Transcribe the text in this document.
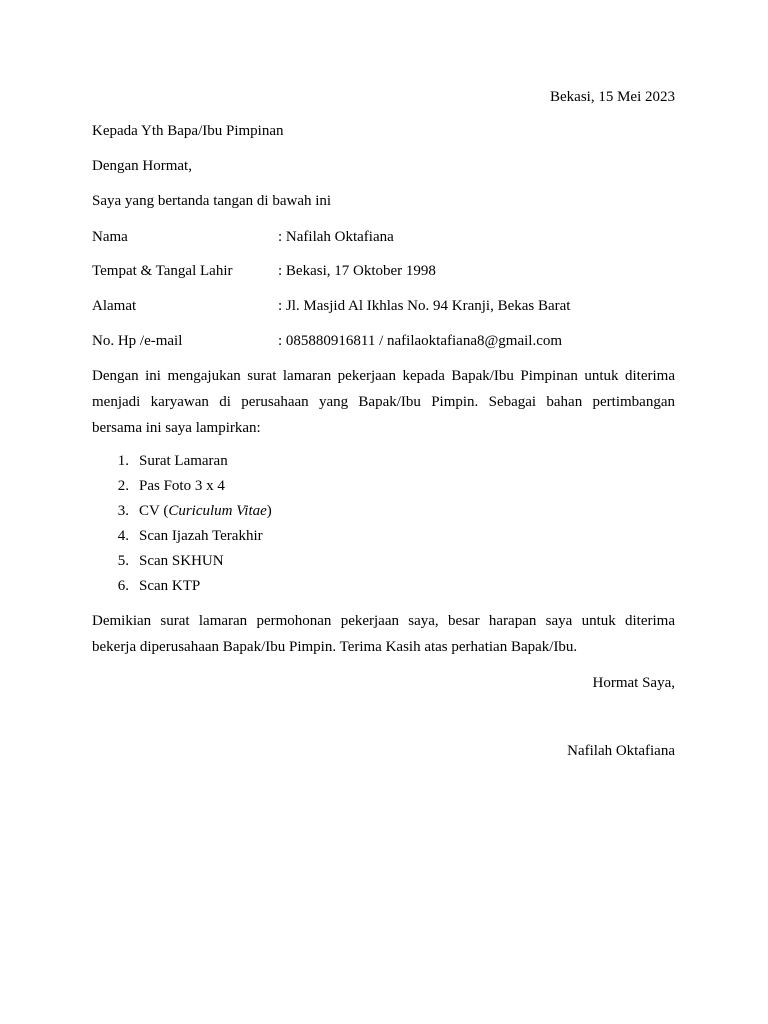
Bekasi, 15 Mei 2023
Kepada Yth Bapa/Ibu Pimpinan
Dengan Hormat,
Saya yang bertanda tangan di bawah ini
Nama	: Nafilah Oktafiana
Tempat & Tangal Lahir	: Bekasi, 17 Oktober 1998
Alamat	: Jl. Masjid Al Ikhlas No. 94 Kranji, Bekas Barat
No. Hp /e-mail	: 085880916811 / nafilaoktafiana8@gmail.com
Dengan ini mengajukan surat lamaran pekerjaan kepada Bapak/Ibu Pimpinan untuk diterima
menjadi karyawan di perusahaan yang Bapak/Ibu Pimpin. Sebagai bahan pertimbangan
bersama ini saya lampirkan:
1 . Surat Lamaran
2 . Pas Foto 3 x 4
3 . CV (Curiculum Vitae)
4 . Scan Ijazah Terakhir
5 . Scan SKHUN
6 . Scan KTP
Demikian surat lamaran permohonan pekerjaan saya, besar harapan saya untuk diterima
bekerja diperusahaan Bapak/Ibu Pimpin. Terima Kasih atas perhatian Bapak/Ibu.
Hormat Saya,
Nafilah Oktafiana
